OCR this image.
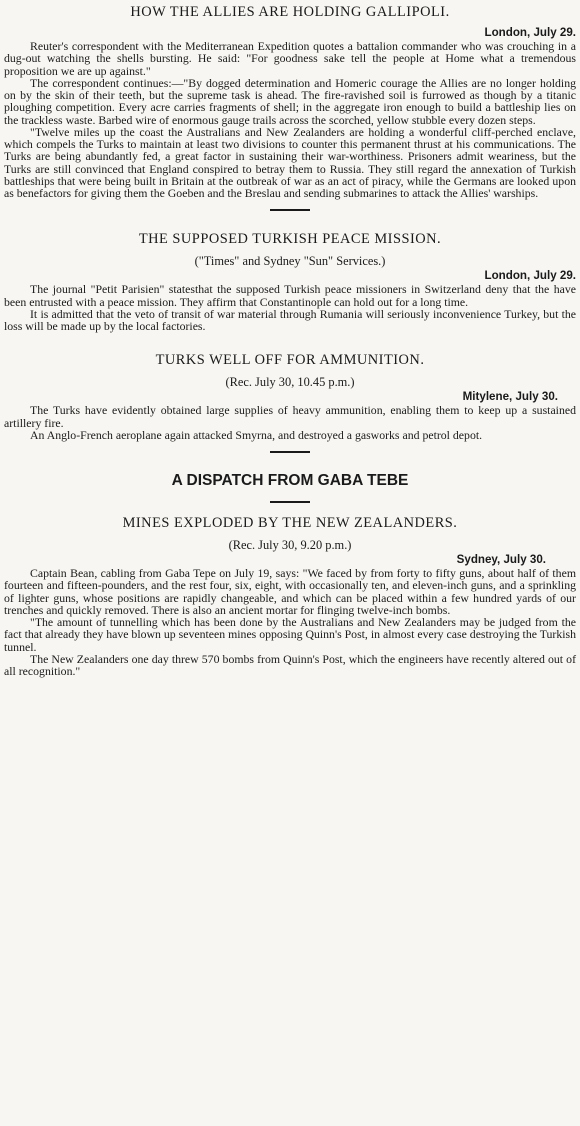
HOW THE ALLIES ARE HOLDING GALLIPOLI.

London, July 29.

Reuter's correspondent with the Mediterranean Expedition quotes a battalion commander who was crouching in a dug-out watching the shells bursting. He said: "For goodness sake tell the people at Home what a tremendous proposition we are up against."

The correspondent continues:—"By dogged determination and Homeric courage the Allies are no longer holding on by the skin of their teeth, but the supreme task is ahead. The fire-ravished soil is furrowed as though by a titanic ploughing competition. Every acre carries fragments of shell; in the aggregate iron enough to build a battleship lies on the trackless waste. Barbed wire of enormous gauge trails across the scorched, yellow stubble every dozen steps.

"Twelve miles up the coast the Australians and New Zealanders are holding a wonderful cliff-perched enclave, which compels the Turks to maintain at least two divisions to counter this permanent thrust at his communications. The Turks are being abundantly fed, a great factor in sustaining their war-worthiness. Prisoners admit weariness, but the Turks are still convinced that England conspired to betray them to Russia. They still regard the annexation of Turkish battleships that were being built in Britain at the outbreak of war as an act of piracy, while the Germans are looked upon as benefactors for giving them the Goeben and the Breslau and sending submarines to attack the Allies' warships.

THE SUPPOSED TURKISH PEACE MISSION.

("Times" and Sydney "Sun" Services.)

London, July 29.

The journal "Petit Parisien" statesthat the supposed Turkish peace missioners in Switzerland deny that the have been entrusted with a peace mission. They affirm that Constantinople can hold out for a long time.

It is admitted that the veto of transit of war material through Rumania will seriously inconvenience Turkey, but the loss will be made up by the local factories.

TURKS WELL OFF FOR AMMUNITION.

(Rec. July 30, 10.45 p.m.)

Mitylene, July 30.

The Turks have evidently obtained large supplies of heavy ammunition, enabling them to keep up a sustained artillery fire.

An Anglo-French aeroplane again attacked Smyrna, and destroyed a gasworks and petrol depot.

A DISPATCH FROM GABA TEBE
MINES EXPLODED BY THE NEW ZEALANDERS.

(Rec. July 30, 9.20 p.m.)

Sydney, July 30.

Captain Bean, cabling from Gaba Tepe on July 19, says: "We faced by from forty to fifty guns, about half of them fourteen and fifteen-pounders, and the rest four, six, eight, with occasionally ten, and eleven-inch guns, and a sprinkling of lighter guns, whose positions are rapidly changeable, and which can be placed within a few hundred yards of our trenches and quickly removed. There is also an ancient mortar for flinging twelve-inch bombs.

"The amount of tunnelling which has been done by the Australians and New Zealanders may be judged from the fact that already they have blown up seventeen mines opposing Quinn's Post, in almost every case destroying the Turkish tunnel.

The New Zealanders one day threw 570 bombs from Quinn's Post, which the engineers have recently altered out of all recognition."
